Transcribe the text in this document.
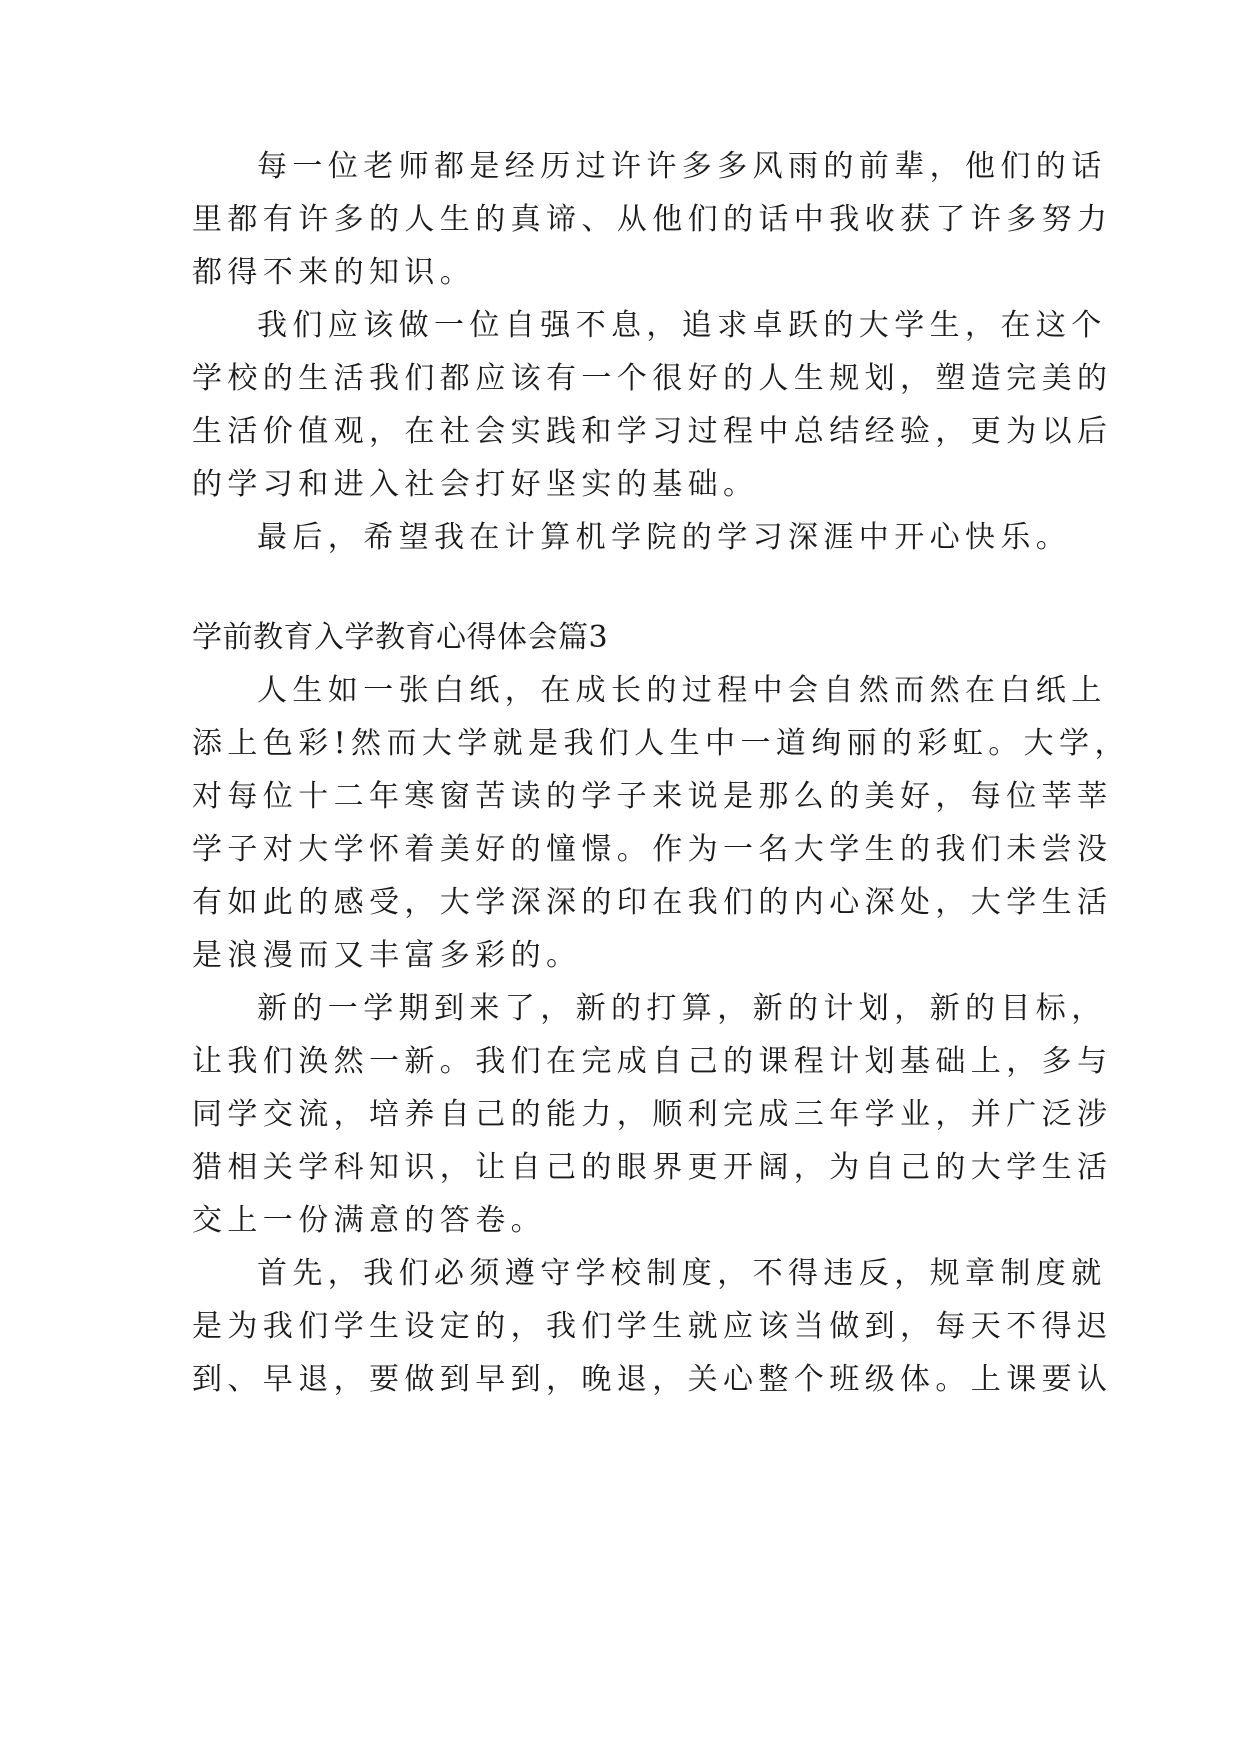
每一位老师都是经历过许许多多风雨的前辈，他们的话
里都有许多的人生的真谛、从他们的话中我收获了许多努力
都得不来的知识。
我们应该做一位自强不息，追求卓跃的大学生，在这个
学校的生活我们都应该有一个很好的人生规划，塑造完美的
生活价值观，在社会实践和学习过程中总结经验，更为以后
的学习和进入社会打好坚实的基础。
最后，希望我在计算机学院的学习深涯中开心快乐。
学前教育入学教育心得体会篇3
人生如一张白纸，在成长的过程中会自然而然在白纸上
添上色彩!然而大学就是我们人生中一道绚丽的彩虹。大学，
对每位十二年寒窗苦读的学子来说是那么的美好，每位莘莘
学子对大学怀着美好的憧憬。作为一名大学生的我们未尝没
有如此的感受，大学深深的印在我们的内心深处，大学生活
是浪漫而又丰富多彩的。
新的一学期到来了，新的打算，新的计划，新的目标，
让我们涣然一新。我们在完成自己的课程计划基础上，多与
同学交流，培养自己的能力，顺利完成三年学业，并广泛涉
猎相关学科知识，让自己的眼界更开阔，为自己的大学生活
交上一份满意的答卷。
首先，我们必须遵守学校制度，不得违反，规章制度就
是为我们学生设定的，我们学生就应该当做到，每天不得迟
到、早退，要做到早到，晚退，关心整个班级体。上课要认
